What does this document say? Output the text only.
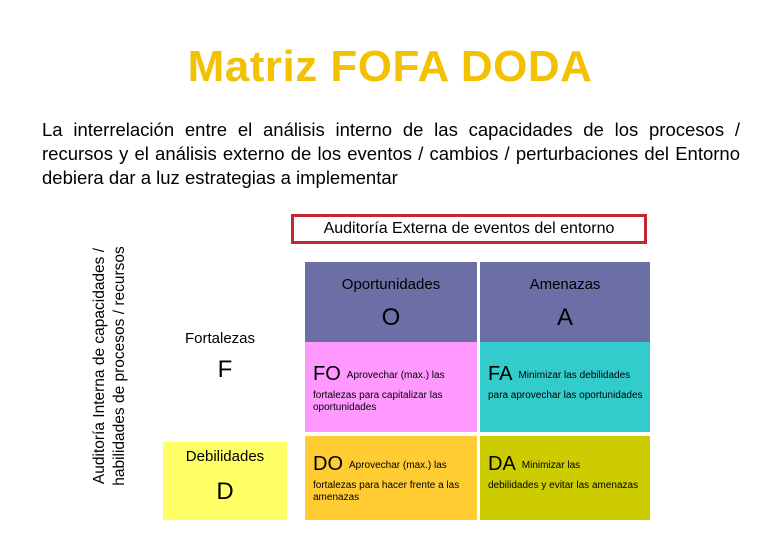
Matriz FOFA DODA
La interrelación entre el análisis interno de las capacidades de los procesos / recursos y el análisis externo de los eventos / cambios / perturbaciones del Entorno debiera dar a luz estrategias a implementar
Auditoría Interna de capacidades / habilidades de procesos / recursos
Auditoría Externa de eventos del entorno
Oportunidades
O
Amenazas
A
Fortalezas
F
Debilidades
D
FO Aprovechar (max.) las
fortalezas para capitalizar las oportunidades
FA Minimizar las debilidades
para aprovechar las oportunidades
DO Aprovechar (max.) las
fortalezas para hacer frente a las amenazas
DA Minimizar las
debilidades y evitar las amenazas
